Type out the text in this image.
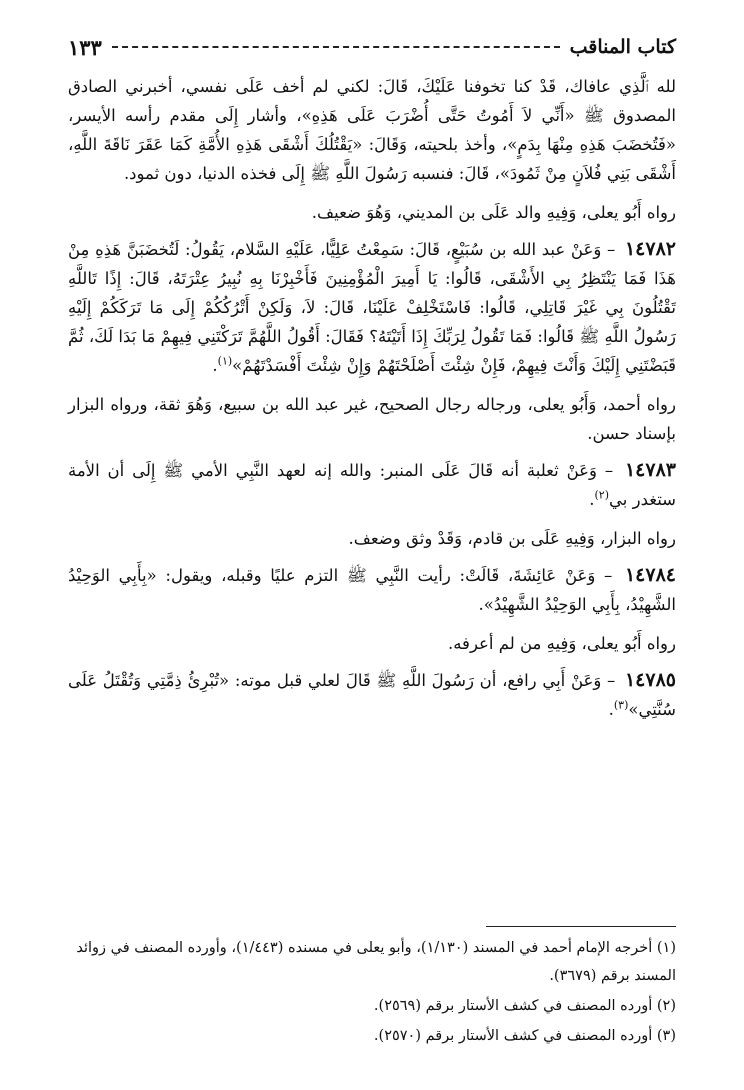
كتاب المناقب
١٣٣

لله ٱلَّذِي عافاك، قَدْ كنا تخوفنا عَلَيْكَ، قَالَ: لكني لم أخف عَلَى نفسي، أخبرني الصادق المصدوق ﷺ «أَنِّي لاَ أَمُوتُ حَتَّى أُضْرَبَ عَلَى هَذِهِ»، وأشار إِلَى مقدم رأسه الأيسر، «فَتُخضَبَ هَذِهِ مِنْهَا بِدَمٍ»، وأخذ بلحيته، وَقَالَ: «يَقْتُلُكَ أَشْقَى هَذِهِ الأُمَّةِ كَمَا عَقَرَ نَاقَةَ اللَّهِ، أَشْقَى بَنِي فُلاَنٍ مِنْ ثَمُودَ»، قَالَ: فنسبه رَسُولَ اللَّهِ ﷺ إِلَى فخذه الدنيا، دون ثمود.

رواه أَبُو يعلى، وَفِيهِ والد عَلَى بن المديني، وَهُوَ ضعيف.

١٤٧٨٢ – وَعَنْ عبد الله بن سُبَيْعٍ، قَالَ: سَمِعْتُ عَلِيًّا، عَلَيْهِ السَّلام، يَقُولُ: لَتُخضَبَنَّ هَذِهِ مِنْ هَذَا فَمَا يَنْتَظِرُ بِي الأَشْقَى، قَالُوا: يَا أَمِيرَ الْمُؤْمِنِينَ فَأَخْبِرْنَا بِهِ نُبِيرُ عِتْرَتَهُ، قَالَ: إِذًا تَاللَّهِ تَقْتُلُونَ بِي غَيْرَ قَاتِلِي، قَالُوا: فَاسْتَخْلِفْ عَلَيْنَا، قَالَ: لاَ، وَلَكِنْ أَتْرُكُكُمْ إِلَى مَا تَرَكَكُمْ إِلَيْهِ رَسُولُ اللَّهِ ﷺ قَالُوا: فَمَا تَقُولُ لِرَبِّكَ إِذَا أَتَيْتَهُ؟ فَقَالَ: أَقُولُ اللَّهُمَّ تَرَكْتَنِي فِيهِمْ مَا بَدَا لَكَ، ثُمَّ قَبَضْتَنِي إِلَيْكَ وَأَنْتَ فِيهِمْ، فَإِنْ شِئْتَ أَصْلَحْتَهُمْ وَإِنْ شِئْتَ أَفْسَدْتَهُمْ»$^{(١)}$.

رواه أحمد، وَأَبُو يعلى، ورجاله رجال الصحيح، غير عبد الله بن سبيع، وَهُوَ ثقة، ورواه البزار بإسناد حسن.

١٤٧٨٣ – وَعَنْ ثعلبة أنه قَالَ عَلَى المنبر: والله إنه لعهد النَّبِي الأمي ﷺ إِلَى أن الأمة ستغدر بي$^{(٢)}$.

رواه البزار، وَفِيهِ عَلَى بن قادم، وَقَدْ وثق وضعف.

١٤٧٨٤ – وَعَنْ عَائِشَةَ، قَالَتْ: رأيت النَّبِي ﷺ التزم عليًا وقبله، ويقول: «بِأَبِي الوَحِيْدُ الشَّهِيْدُ، بِأَبِي الوَحِيْدُ الشَّهِيْدُ».

رواه أَبُو يعلى، وَفِيهِ من لم أعرفه.

١٤٧٨٥ – وَعَنْ أَبِي رافع، أن رَسُولَ اللَّهِ ﷺ قَالَ لعلي قبل موته: «تُبْرِئُ ذِمَّتِي وَتُقْتَلُ عَلَى سُنَّتِي»$^{(٣)}$.

(١) أخرجه الإمام أحمد في المسند (١/١٣٠)، وأبو يعلى في مسنده (١/٤٤٣)، وأورده المصنف في زوائد المسند برقم (٣٦٧٩).

(٢) أورده المصنف في كشف الأستار برقم (٢٥٦٩).

(٣) أورده المصنف في كشف الأستار برقم (٢٥٧٠).
